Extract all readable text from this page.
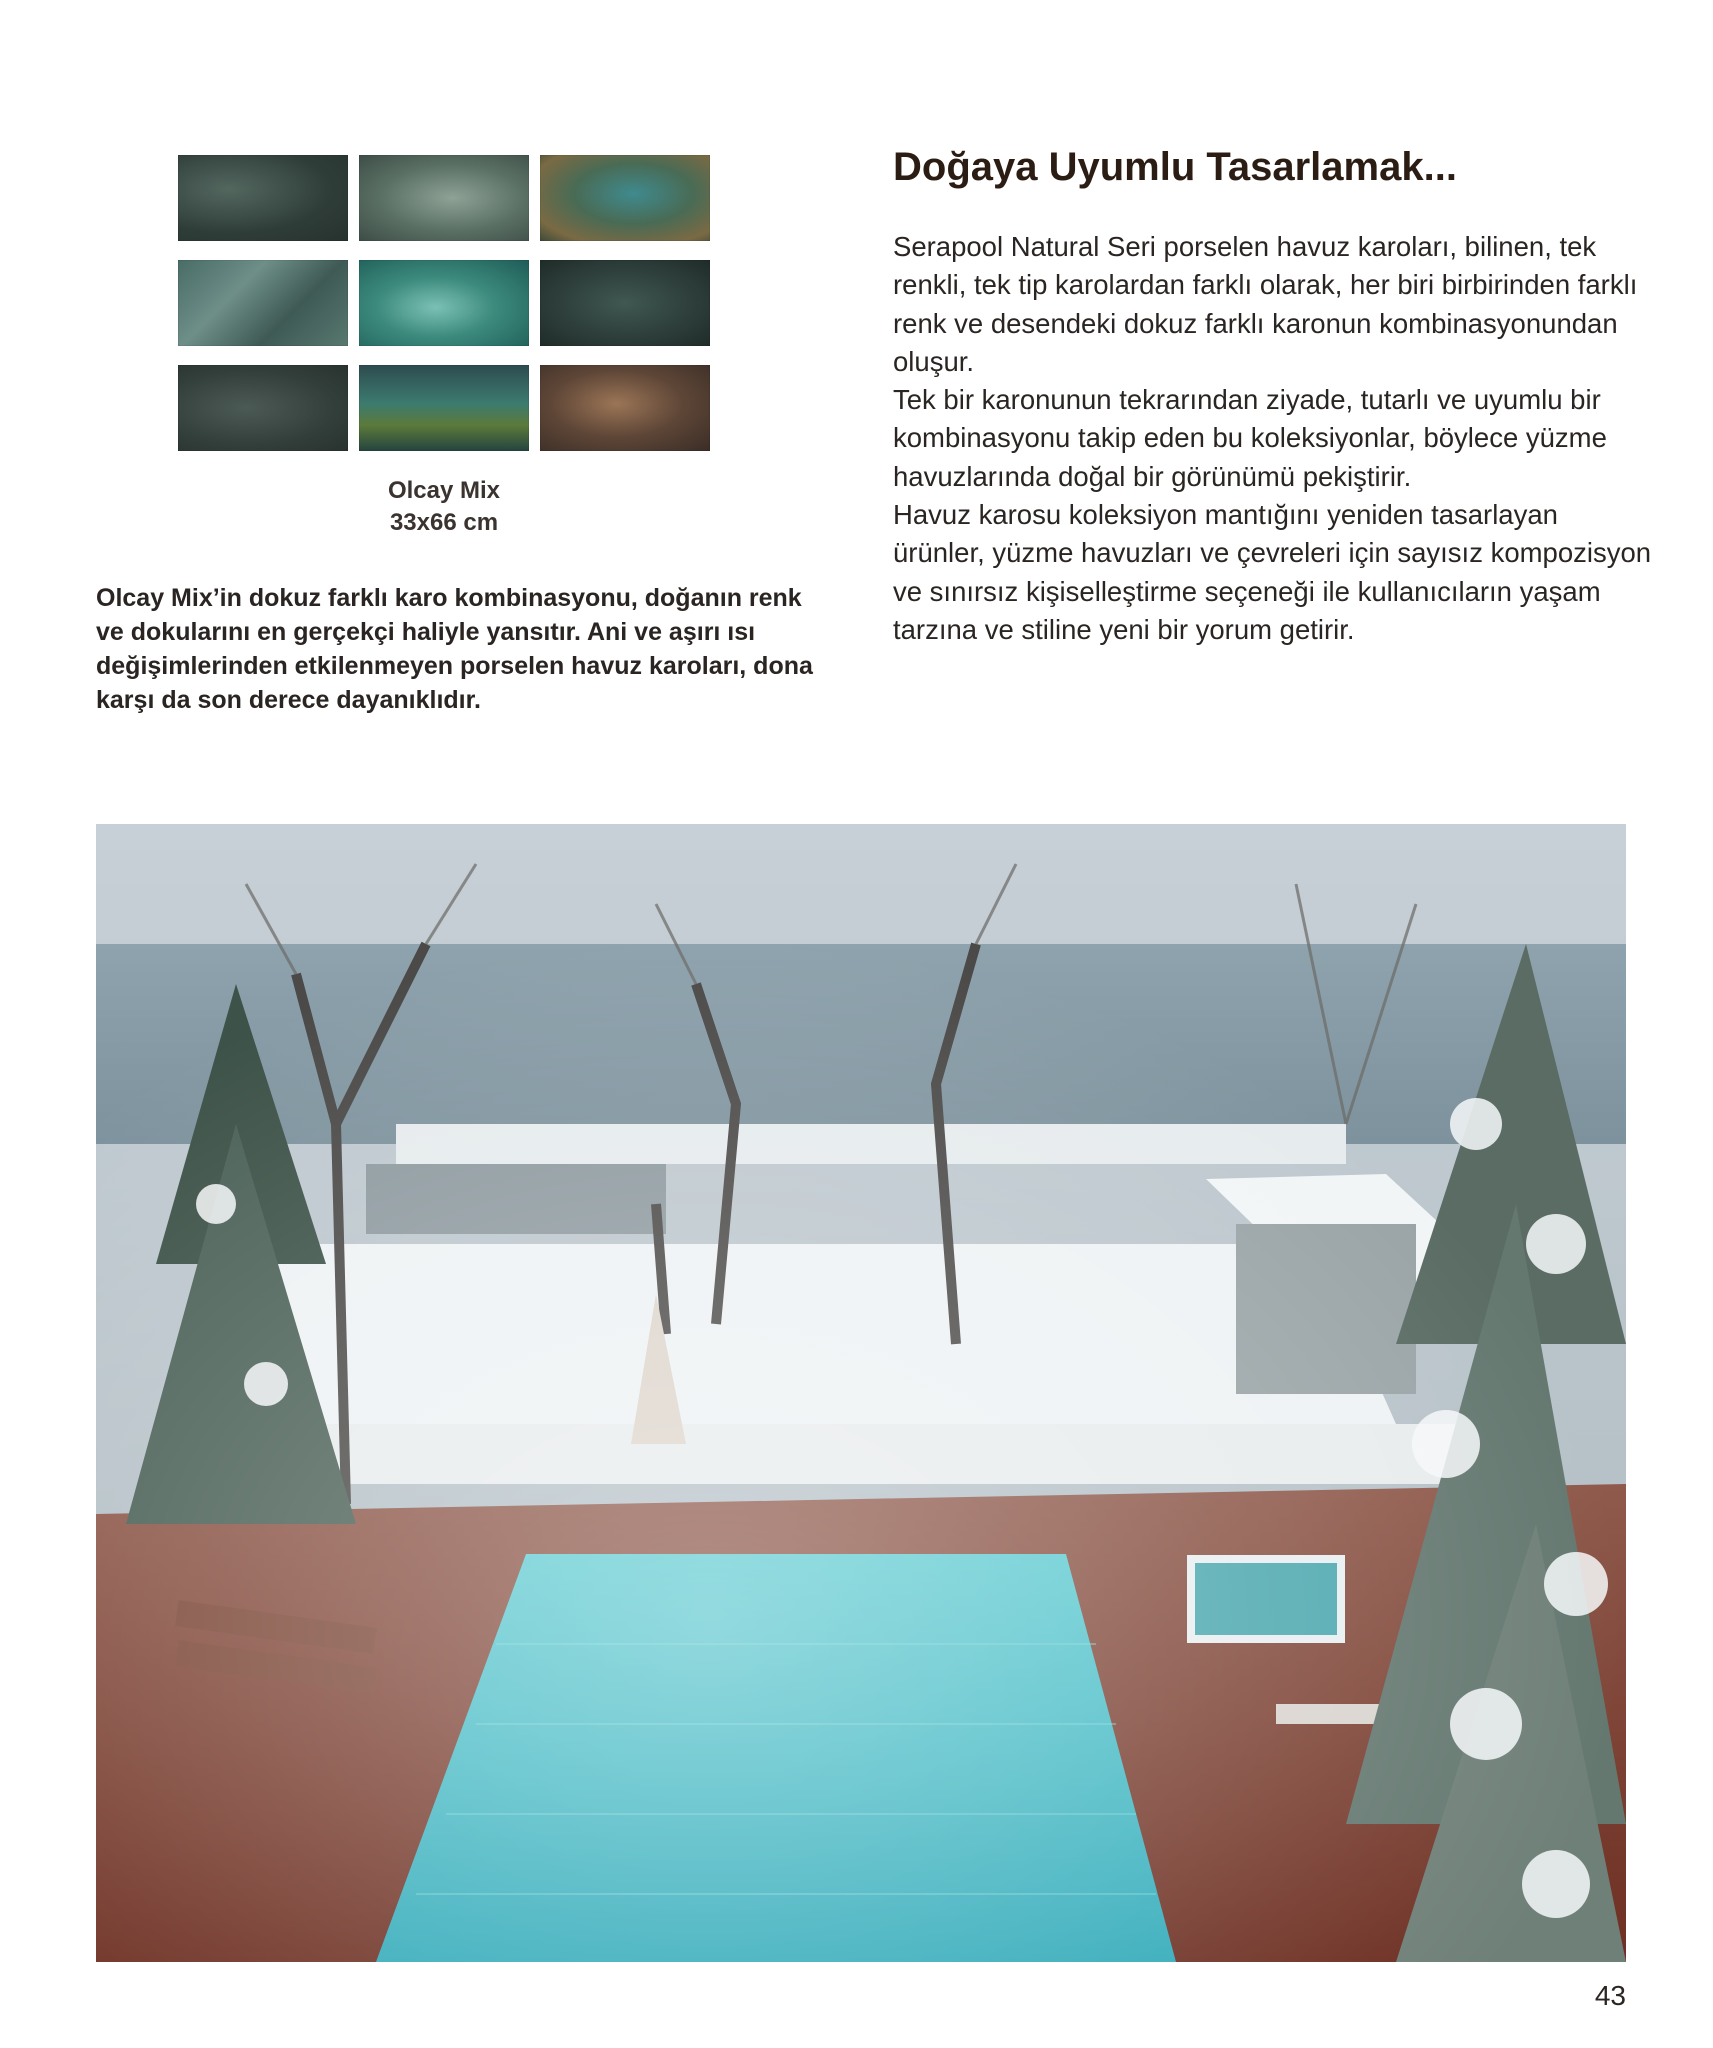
Olcay Mix
33x66 cm

Olcay Mix’in dokuz farklı karo kombinasyonu, doğanın renk ve dokularını en gerçekçi haliyle yansıtır. Ani ve aşırı ısı değişimlerinden etkilenmeyen porselen havuz karoları, dona karşı da son derece dayanıklıdır.

Doğaya Uyumlu Tasarlamak...

Serapool Natural Seri porselen havuz karoları, bilinen, tek renkli, tek tip karolardan farklı olarak, her biri birbirinden farklı renk ve desendeki dokuz farklı karonun kombinasyonundan oluşur.

Tek bir karonunun tekrarından ziyade, tutarlı ve uyumlu bir kombinasyonu takip eden bu koleksiyonlar, böylece yüzme havuzlarında doğal bir görünümü pekiştirir.

Havuz karosu koleksiyon mantığını yeniden tasarlayan ürünler, yüzme havuzları ve çevreleri için sayısız kompozisyon ve sınırsız kişiselleştirme seçeneği ile kullanıcıların yaşam tarzına ve stiline yeni bir yorum getirir.

43
